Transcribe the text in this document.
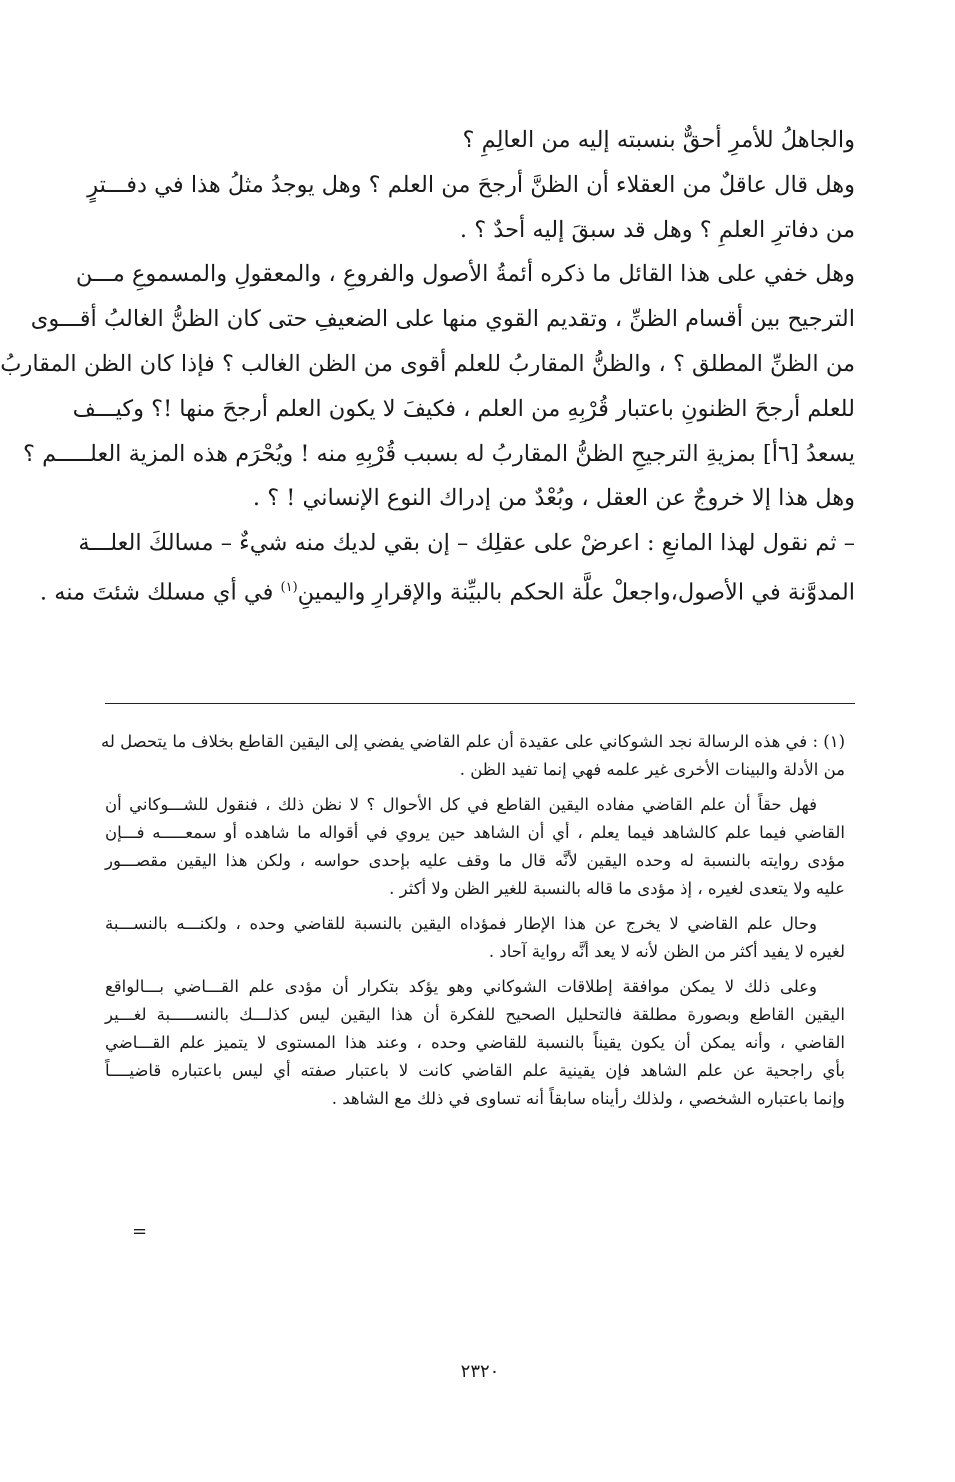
والجاهلُ للأمرِ أحقٌّ بنسبته إليه من العالِمِ ؟
وهل قال عاقلٌ من العقلاء أن الظنَّ أرجحَ من العلم ؟ وهل يوجدُ مثلُ هذا في دفـــترٍ
من دفاترِ العلمِ ؟ وهل قد سبقَ إليه أحدٌ ؟ .
وهل خفي على هذا القائل ما ذكره أئمةُ الأصول والفروعِ ، والمعقولِ والمسموعِ مـــن
الترجيح بين أقسام الظنِّ ، وتقديم القوي منها على الضعيفِ حتى كان الظنُّ الغالبُ أقـــوى
من الظنِّ المطلق ؟ ، والظنُّ المقاربُ للعلم أقوى من الظن الغالب ؟ فإذا كان الظن المقاربُ
للعلم أرجحَ الظنونِ باعتبار قُرْبِهِ من العلم ، فكيفَ لا يكون العلم أرجحَ منها !؟ وكيـــف
يسعدُ [٦أ] بمزيةِ الترجيحِ الظنُّ المقاربُ له بسبب قُرْبِهِ منه ! ويُحْرَم هذه المزية العلـــــم ؟
وهل هذا إلا خروجٌ عن العقل ، وبُعْدٌ من إدراك النوع الإنساني ! ؟ .
– ثم نقول لهذا المانعِ : اعرضْ على عقلِك – إن بقي لديك منه شيءٌ – مسالكَ العلـــة
المدوَّنة في الأصول،واجعلْ علَّة الحكم بالبيِّنة والإقرارِ واليمينِ$^{(١)}$ في أي مسلك شئتَ منه .
(١) : في هذه الرسالة نجد الشوكاني على عقيدة أن علم القاضي يفضي إلى اليقين القاطع بخلاف ما يتحصل له
من الأدلة والبينات الأخرى غير علمه فهي إنما تفيد الظن .
فهل حقاً أن علم القاضي مفاده اليقين القاطع في كل الأحوال ؟ لا نظن ذلك ، فنقول للشـــوكاني أن
القاضي فيما علم كالشاهد فيما يعلم ، أي أن الشاهد حين يروي في أقواله ما شاهده أو سمعـــــه فـــإن
مؤدى روايته بالنسبة له وحده اليقين لأنَّه قال ما وقف عليه بإحدى حواسه ، ولكن هذا اليقين مقصـــور
عليه ولا يتعدى لغيره ، إذ مؤدى ما قاله بالنسبة للغير الظن ولا أكثر .
وحال علم القاضي لا يخرج عن هذا الإطار فمؤداه اليقين بالنسبة للقاضي وحده ، ولكنـــه بالنســـبة
لغيره لا يفيد أكثر من الظن لأنه لا يعد أنَّه رواية آحاد .
وعلى ذلك لا يمكن موافقة إطلاقات الشوكاني وهو يؤكد بتكرار أن مؤدى علم القـــاضي بـــالواقع
اليقين القاطع وبصورة مطلقة فالتحليل الصحيح للفكرة أن هذا اليقين ليس كذلـــك بالنســـــبة لغـــير
القاضي ، وأنه يمكن أن يكون يقيناً بالنسبة للقاضي وحده ، وعند هذا المستوى لا يتميز علم القـــاضي
بأي راجحية عن علم الشاهد فإن يقينية علم القاضي كانت لا باعتبار صفته أي ليس باعتباره قاضيــــاً
وإنما باعتباره الشخصي ، ولذلك رأيناه سابقاً أنه تساوى في ذلك مع الشاهد .
=
٢٣٢٠
